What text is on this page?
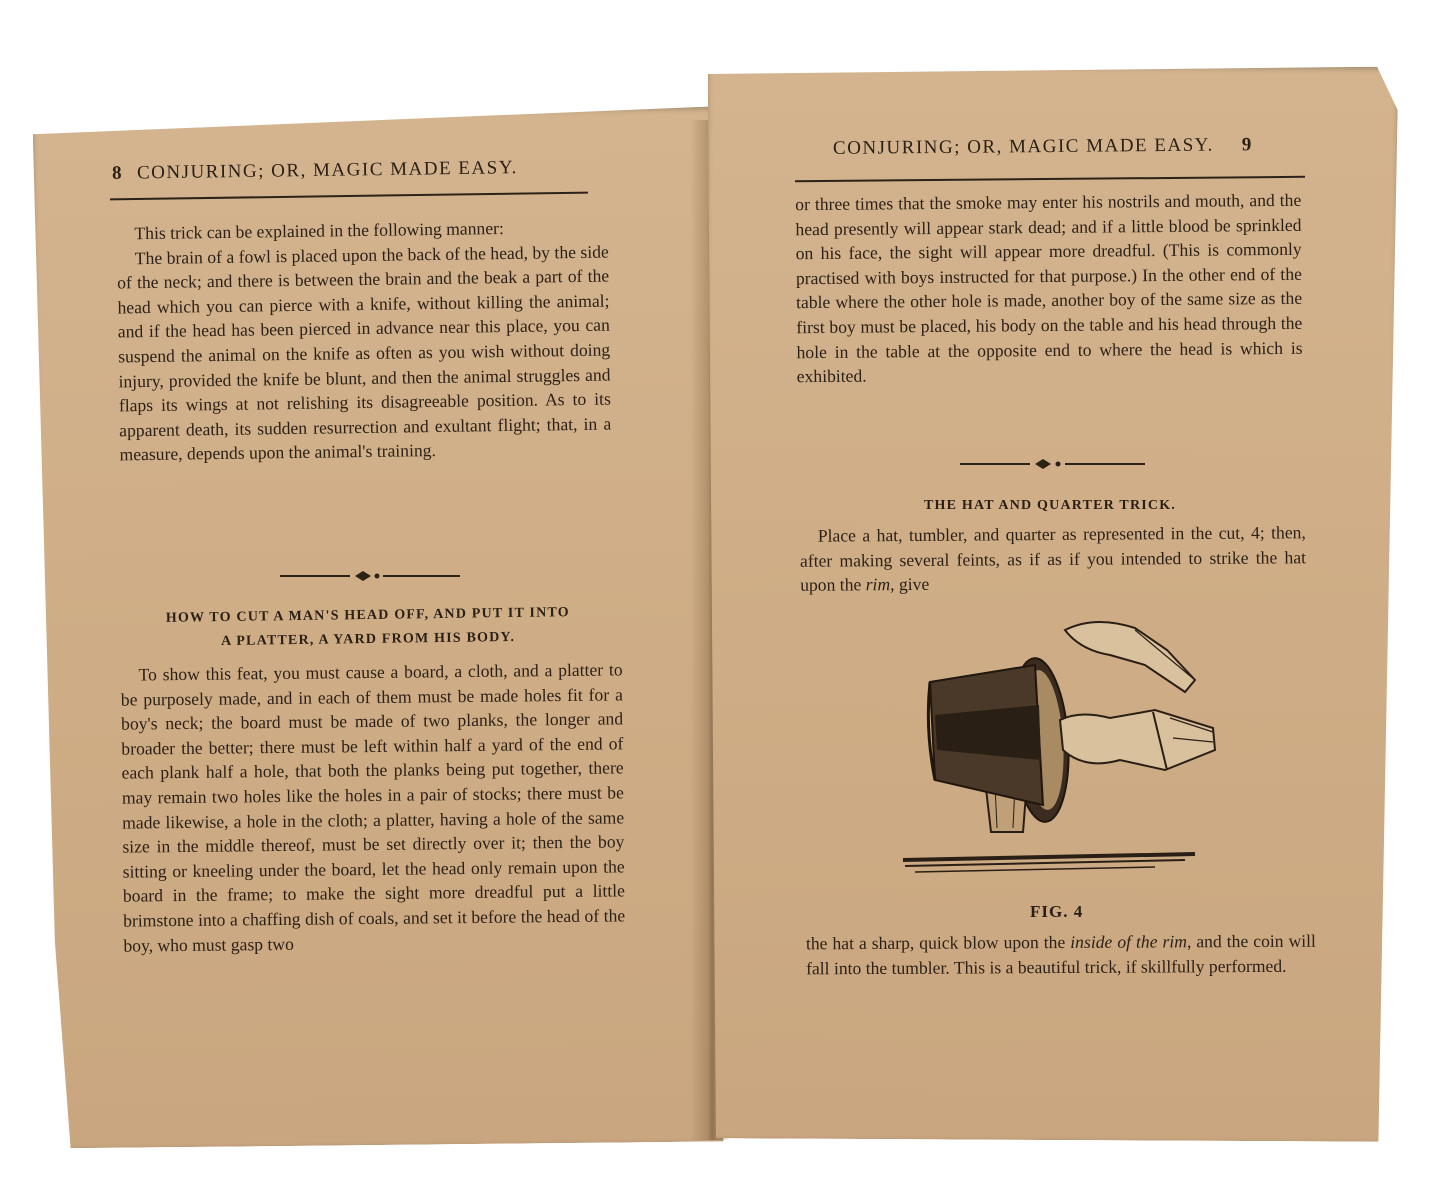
8 CONJURING; OR, MAGIC MADE EASY.

This trick can be explained in the following manner:

The brain of a fowl is placed upon the back of the head, by the side of the neck; and there is between the brain and the beak a part of the head which you can pierce with a knife, without killing the animal; and if the head has been pierced in advance near this place, you can suspend the animal on the knife as often as you wish without doing injury, provided the knife be blunt, and then the animal struggles and flaps its wings at not relishing its disagreeable position. As to its apparent death, its sudden resurrection and exultant flight; that, in a measure, depends upon the animal's training.

HOW TO CUT A MAN'S HEAD OFF, AND PUT IT INTO
A PLATTER, A YARD FROM HIS BODY.

To show this feat, you must cause a board, a cloth, and a platter to be purposely made, and in each of them must be made holes fit for a boy's neck; the board must be made of two planks, the longer and broader the better; there must be left within half a yard of the end of each plank half a hole, that both the planks being put together, there may remain two holes like the holes in a pair of stocks; there must be made likewise, a hole in the cloth; a platter, having a hole of the same size in the middle thereof, must be set directly over it; then the boy sitting or kneeling under the board, let the head only remain upon the board in the frame; to make the sight more dreadful put a little brimstone into a chaffing dish of coals, and set it before the head of the boy, who must gasp two

CONJURING; OR, MAGIC MADE EASY. 9

or three times that the smoke may enter his nostrils and mouth, and the head presently will appear stark dead; and if a little blood be sprinkled on his face, the sight will appear more dreadful. (This is commonly practised with boys instructed for that purpose.) In the other end of the table where the other hole is made, another boy of the same size as the first boy must be placed, his body on the table and his head through the hole in the table at the opposite end to where the head is which is exhibited.

THE HAT AND QUARTER TRICK.

Place a hat, tumbler, and quarter as represented in the cut, 4; then, after making several feints, as if as if you intended to strike the hat upon the rim, give

FIG. 4

the hat a sharp, quick blow upon the inside of the rim, and the coin will fall into the tumbler. This is a beautiful trick, if skillfully performed.
